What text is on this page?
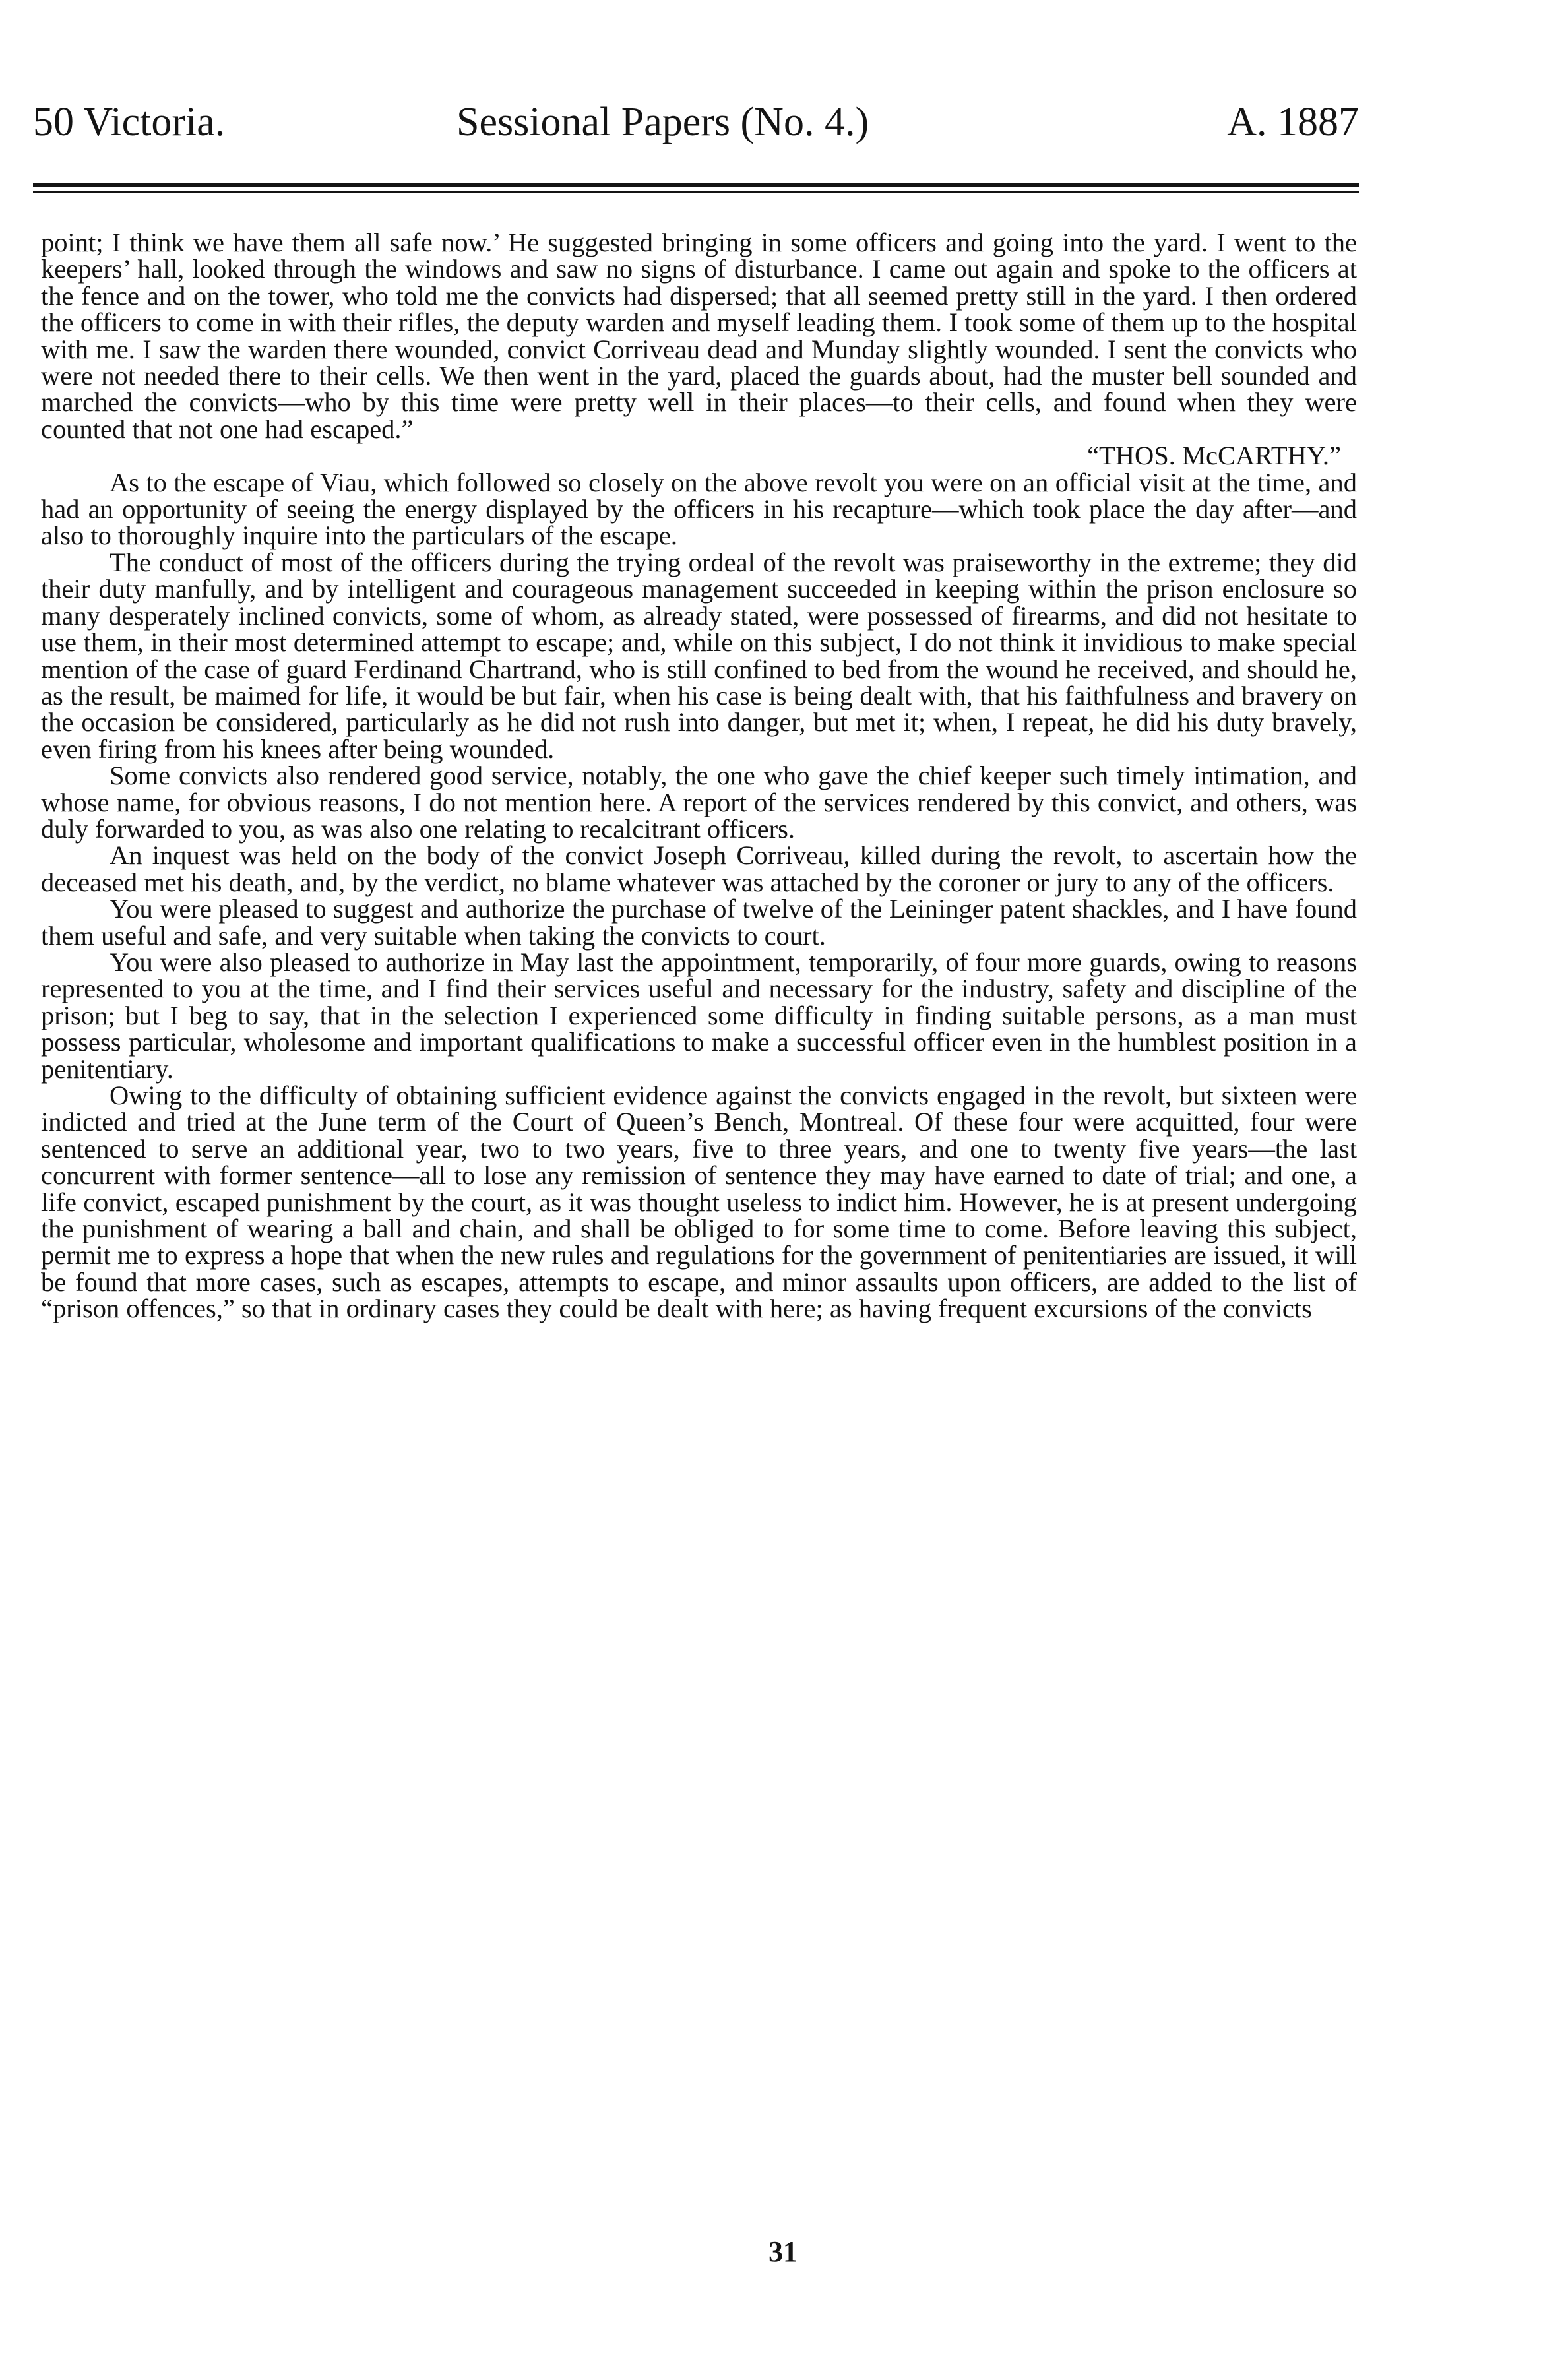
50 Victoria.	Sessional Papers (No. 4.)	A. 1887

point; I think we have them all safe now.’ He suggested bringing in some officers and going into the yard. I went to the keepers’ hall, looked through the windows and saw no signs of disturbance. I came out again and spoke to the officers at the fence and on the tower, who told me the convicts had dispersed; that all seemed pretty still in the yard. I then ordered the officers to come in with their rifles, the deputy warden and myself leading them. I took some of them up to the hospital with me. I saw the warden there wounded, convict Corriveau dead and Munday slightly wounded. I sent the convicts who were not needed there to their cells. We then went in the yard, placed the guards about, had the muster bell sounded and marched the convicts—who by this time were pretty well in their places—to their cells, and found when they were counted that not one had escaped.”

“THOS. McCARTHY.”

As to the escape of Viau, which followed so closely on the above revolt you were on an official visit at the time, and had an opportunity of seeing the energy displayed by the officers in his recapture—which took place the day after—and also to thoroughly inquire into the particulars of the escape.

The conduct of most of the officers during the trying ordeal of the revolt was praiseworthy in the extreme; they did their duty manfully, and by intelligent and courageous management succeeded in keeping within the prison enclosure so many desperately inclined convicts, some of whom, as already stated, were possessed of firearms, and did not hesitate to use them, in their most determined attempt to escape; and, while on this subject, I do not think it invidious to make special mention of the case of guard Ferdinand Chartrand, who is still confined to bed from the wound he received, and should he, as the result, be maimed for life, it would be but fair, when his case is being dealt with, that his faithfulness and bravery on the occasion be considered, particularly as he did not rush into danger, but met it; when, I repeat, he did his duty bravely, even firing from his knees after being wounded.

Some convicts also rendered good service, notably, the one who gave the chief keeper such timely intimation, and whose name, for obvious reasons, I do not mention here. A report of the services rendered by this convict, and others, was duly forwarded to you, as was also one relating to recalcitrant officers.

An inquest was held on the body of the convict Joseph Corriveau, killed during the revolt, to ascertain how the deceased met his death, and, by the verdict, no blame whatever was attached by the coroner or jury to any of the officers.

You were pleased to suggest and authorize the purchase of twelve of the Leininger patent shackles, and I have found them useful and safe, and very suitable when taking the convicts to court.

You were also pleased to authorize in May last the appointment, temporarily, of four more guards, owing to reasons represented to you at the time, and I find their services useful and necessary for the industry, safety and discipline of the prison; but I beg to say, that in the selection I experienced some difficulty in finding suitable persons, as a man must possess particular, wholesome and important qualifications to make a successful officer even in the humblest position in a penitentiary.

Owing to the difficulty of obtaining sufficient evidence against the convicts engaged in the revolt, but sixteen were indicted and tried at the June term of the Court of Queen’s Bench, Montreal. Of these four were acquitted, four were sentenced to serve an additional year, two to two years, five to three years, and one to twenty five years—the last concurrent with former sentence—all to lose any remission of sentence they may have earned to date of trial; and one, a life convict, escaped punishment by the court, as it was thought useless to indict him. However, he is at present undergoing the punishment of wearing a ball and chain, and shall be obliged to for some time to come. Before leaving this subject, permit me to express a hope that when the new rules and regulations for the government of penitentiaries are issued, it will be found that more cases, such as escapes, attempts to escape, and minor assaults upon officers, are added to the list of “prison offences,” so that in ordinary cases they could be dealt with here; as having frequent excursions of the convicts

31
